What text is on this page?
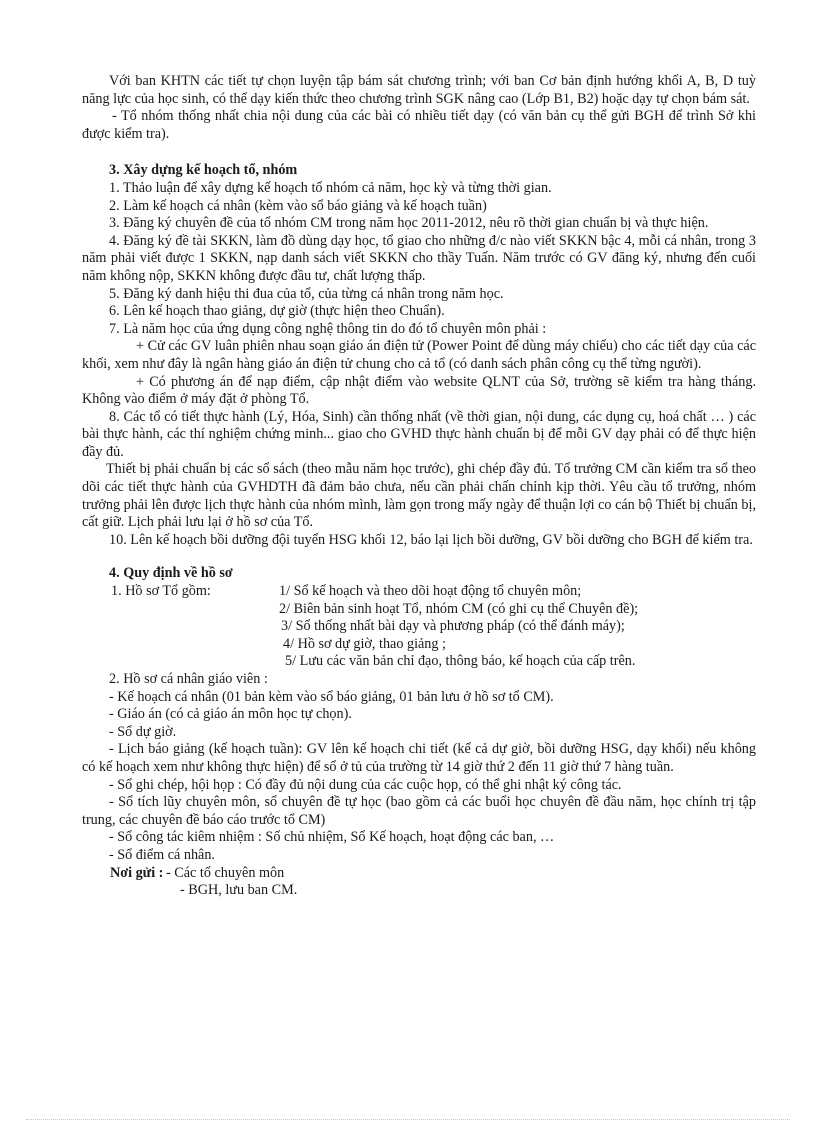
Với ban KHTN các tiết tự chọn luyện tập bám sát chương trình; với ban Cơ bản định hướng khối A, B, D tuỳ năng lực của học sinh, có thể dạy kiến thức theo chương trình SGK nâng cao (Lớp B1, B2) hoặc dạy tự chọn bám sát.

- Tổ nhóm thống nhất chia nội dung của các bài có nhiều tiết dạy (có văn bản cụ thể gửi BGH để trình Sở khi được kiểm tra).

3. Xây dựng kế hoạch tổ, nhóm

1. Thảo luận để xây dựng kế hoạch tổ nhóm cả năm, học kỳ và từng thời gian.

2. Làm kế hoạch cá nhân (kèm vào sổ báo giảng và kế hoạch tuần)

3. Đăng ký chuyên đề của tổ nhóm CM trong năm học 2011-2012, nêu rõ thời gian chuẩn bị và thực hiện.

4. Đăng ký đề tài SKKN, làm đồ dùng dạy học, tổ giao cho những đ/c nào viết SKKN bậc 4, mỗi cá nhân, trong 3 năm phải viết được 1 SKKN, nạp danh sách viết SKKN cho thầy Tuấn. Năm trước có GV đăng ký, nhưng đến cuối năm không nộp, SKKN không được đầu tư, chất lượng thấp.

5. Đăng ký danh hiệu thi đua của tổ, của từng cá nhân trong năm học.

6. Lên kế hoạch thao giảng, dự giờ (thực hiện theo Chuẩn).

7. Là năm học của ứng dụng công nghệ thông tin do đó tổ chuyên môn phải :

+ Cử các GV luân phiên nhau soạn giáo án điện tử (Power Point để dùng máy chiếu) cho các tiết dạy của các khối, xem như đây là ngân hàng giáo án điện tử chung cho cả tổ (có danh sách phân công cụ thể từng người).

+ Có phương án để nạp điểm, cập nhật điểm vào website QLNT của Sở, trường sẽ kiểm tra hàng tháng. Không vào điểm ở máy đặt ở phòng Tổ.

8. Các tổ có tiết thực hành (Lý, Hóa, Sinh) cần thống nhất (về thời gian, nội dung, các dụng cụ, hoá chất … ) các bài thực hành, các thí nghiệm chứng minh... giao cho GVHD thực hành chuẩn bị để mỗi GV dạy phải có để thực hiện đầy đủ.

Thiết bị phải chuẩn bị các sổ sách (theo mẫu năm học trước), ghi chép đầy đủ. Tổ trưởng CM cần kiểm tra sổ theo dõi các tiết thực hành của GVHDTH đã đảm bảo chưa, nếu cần phải chấn chỉnh kịp thời. Yêu cầu tổ trưởng, nhóm trưởng phải lên được lịch thực hành của nhóm mình, làm gọn trong mấy ngày để thuận lợi co cán bộ Thiết bị chuẩn bị, cất giữ. Lịch phải lưu lại ở hồ sơ của Tổ.

10. Lên kế hoạch bồi dưỡng đội tuyển HSG khối 12, báo lại lịch bồi dưỡng, GV bồi dưỡng cho BGH để kiểm tra.

4. Quy định về hồ sơ

1. Hồ sơ Tổ gồm:	1/ Sổ kế hoạch và theo dõi hoạt động tổ chuyên môn;

2/ Biên bản sinh hoạt Tổ, nhóm CM (có ghi cụ thể Chuyên đề);

3/ Sổ thống nhất bài dạy và phương pháp (có thể đánh máy);

4/ Hồ sơ dự giờ, thao giảng ;

5/ Lưu các văn bản chỉ đạo, thông báo, kế hoạch của cấp trên.

2. Hồ sơ cá nhân giáo viên :

- Kế hoạch cá nhân (01 bản kèm vào sổ báo giảng, 01 bản lưu ở hồ sơ tổ CM).

- Giáo án (có cả giáo án môn học tự chọn).

- Sổ dự giờ.

- Lịch báo giảng (kế hoạch tuần): GV lên kế hoạch chi tiết (kể cả dự giờ, bồi dưỡng HSG, dạy khối) nếu không có kế hoạch xem như không thực hiện) để sổ ở tủ của trường từ 14 giờ thứ 2 đến 11 giờ thứ 7 hàng tuần.

- Sổ ghi chép, hội họp : Có đầy đủ nội dung của các cuộc họp, có thể ghi nhật ký công tác.

- Sổ tích lũy chuyên môn, sổ chuyên đề tự học (bao gồm cả các buổi học chuyên đề đầu năm, học chính trị tập trung, các chuyên đề báo cáo trước tổ CM)

- Sổ công tác kiêm nhiệm : Sổ chủ nhiệm, Sổ Kế hoạch, hoạt động các ban, …

- Sổ điểm cá nhân.

Nơi gửi : - Các tổ chuyên môn

- BGH, lưu ban CM.
